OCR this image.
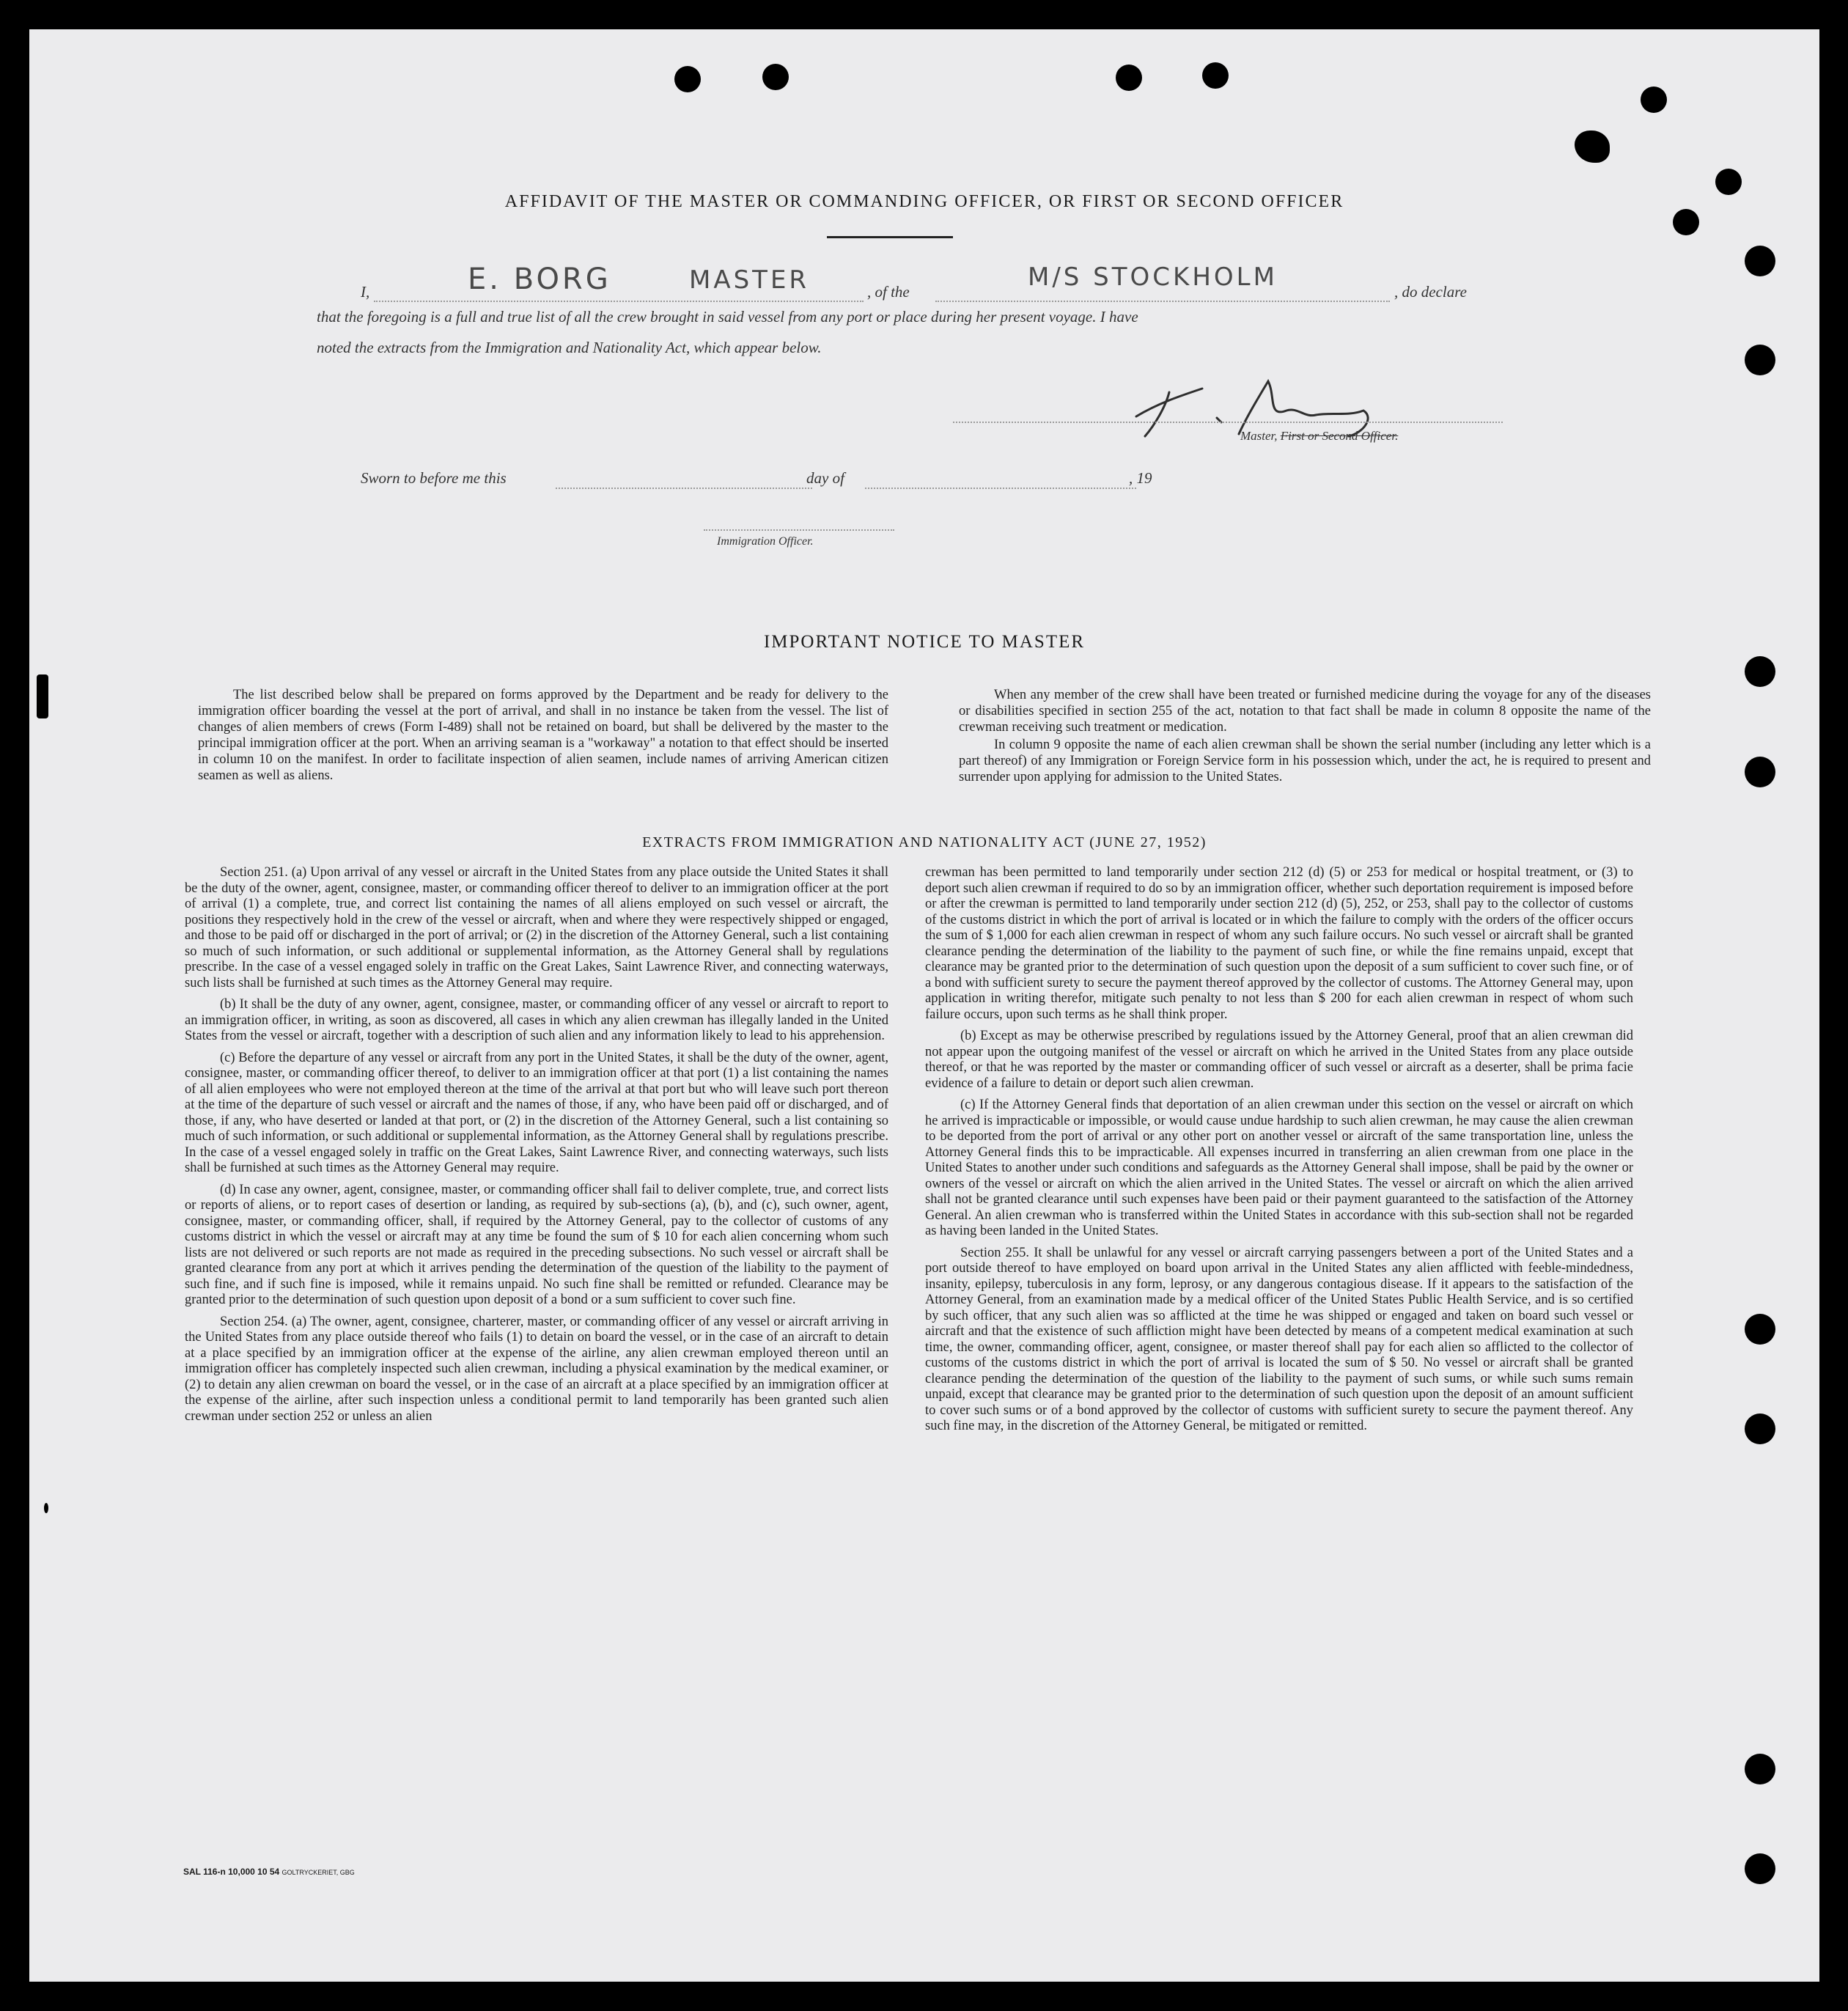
AFFIDAVIT OF THE MASTER OR COMMANDING OFFICER, OR FIRST OR SECOND OFFICER
I,	E. BORG	MASTER	, of the	M/S STOCKHOLM	, do declare
that the foregoing is a full and true list of all the crew brought in said vessel from any port or place during her present voyage. I have
noted the extracts from the Immigration and Nationality Act, which appear below.
Master, First or Second Officer.
Sworn to before me this	day of	, 19
Immigration Officer.
IMPORTANT NOTICE TO MASTER

The list described below shall be prepared on forms approved by the Department and be ready for delivery to the immigration officer boarding the vessel at the port of arrival, and shall in no instance be taken from the vessel. The list of changes of alien members of crews (Form I-489) shall not be retained on board, but shall be delivered by the master to the principal immigration officer at the port. When an arriving seaman is a "workaway" a notation to that effect should be inserted in column 10 on the manifest. In order to facilitate inspection of alien seamen, include names of arriving American citizen seamen as well as aliens.

When any member of the crew shall have been treated or furnished medicine during the voyage for any of the diseases or disabilities specified in section 255 of the act, notation to that fact shall be made in column 8 opposite the name of the crewman receiving such treatment or medication.

In column 9 opposite the name of each alien crewman shall be shown the serial number (including any letter which is a part thereof) of any Immigration or Foreign Service form in his possession which, under the act, he is required to present and surrender upon applying for admission to the United States.

EXTRACTS FROM IMMIGRATION AND NATIONALITY ACT (JUNE 27, 1952)

Section 251. (a) Upon arrival of any vessel or aircraft in the United States from any place outside the United States it shall be the duty of the owner, agent, consignee, master, or commanding officer thereof to deliver to an immigration officer at the port of arrival (1) a complete, true, and correct list containing the names of all aliens employed on such vessel or aircraft, the positions they respectively hold in the crew of the vessel or aircraft, when and where they were respectively shipped or engaged, and those to be paid off or discharged in the port of arrival; or (2) in the discretion of the Attorney General, such a list containing so much of such information, or such additional or supplemental information, as the Attorney General shall by regulations prescribe. In the case of a vessel engaged solely in traffic on the Great Lakes, Saint Lawrence River, and connecting waterways, such lists shall be furnished at such times as the Attorney General may require.

(b) It shall be the duty of any owner, agent, consignee, master, or commanding officer of any vessel or aircraft to report to an immigration officer, in writing, as soon as discovered, all cases in which any alien crewman has illegally landed in the United States from the vessel or aircraft, together with a description of such alien and any information likely to lead to his apprehension.

(c) Before the departure of any vessel or aircraft from any port in the United States, it shall be the duty of the owner, agent, consignee, master, or commanding officer thereof, to deliver to an immigration officer at that port (1) a list containing the names of all alien employees who were not employed thereon at the time of the arrival at that port but who will leave such port thereon at the time of the departure of such vessel or aircraft and the names of those, if any, who have been paid off or discharged, and of those, if any, who have deserted or landed at that port, or (2) in the discretion of the Attorney General, such a list containing so much of such information, or such additional or supplemental information, as the Attorney General shall by regulations prescribe. In the case of a vessel engaged solely in traffic on the Great Lakes, Saint Lawrence River, and connecting waterways, such lists shall be furnished at such times as the Attorney General may require.

(d) In case any owner, agent, consignee, master, or commanding officer shall fail to deliver complete, true, and correct lists or reports of aliens, or to report cases of desertion or landing, as required by sub-sections (a), (b), and (c), such owner, agent, consignee, master, or commanding officer, shall, if required by the Attorney General, pay to the collector of customs of any customs district in which the vessel or aircraft may at any time be found the sum of $ 10 for each alien concerning whom such lists are not delivered or such reports are not made as required in the preceding subsections. No such vessel or aircraft shall be granted clearance from any port at which it arrives pending the determination of the question of the liability to the payment of such fine, and if such fine is imposed, while it remains unpaid. No such fine shall be remitted or refunded. Clearance may be granted prior to the determination of such question upon deposit of a bond or a sum sufficient to cover such fine.

Section 254. (a) The owner, agent, consignee, charterer, master, or commanding officer of any vessel or aircraft arriving in the United States from any place outside thereof who fails (1) to detain on board the vessel, or in the case of an aircraft to detain at a place specified by an immigration officer at the expense of the airline, any alien crewman employed thereon until an immigration officer has completely inspected such alien crewman, including a physical examination by the medical examiner, or (2) to detain any alien crewman on board the vessel, or in the case of an aircraft at a place specified by an immigration officer at the expense of the airline, after such inspection unless a conditional permit to land temporarily has been granted such alien crewman under section 252 or unless an alien

crewman has been permitted to land temporarily under section 212 (d) (5) or 253 for medical or hospital treatment, or (3) to deport such alien crewman if required to do so by an immigration officer, whether such deportation requirement is imposed before or after the crewman is permitted to land temporarily under section 212 (d) (5), 252, or 253, shall pay to the collector of customs of the customs district in which the port of arrival is located or in which the failure to comply with the orders of the officer occurs the sum of $ 1,000 for each alien crewman in respect of whom any such failure occurs. No such vessel or aircraft shall be granted clearance pending the determination of the liability to the payment of such fine, or while the fine remains unpaid, except that clearance may be granted prior to the determination of such question upon the deposit of a sum sufficient to cover such fine, or of a bond with sufficient surety to secure the payment thereof approved by the collector of customs. The Attorney General may, upon application in writing therefor, mitigate such penalty to not less than $ 200 for each alien crewman in respect of whom such failure occurs, upon such terms as he shall think proper.

(b) Except as may be otherwise prescribed by regulations issued by the Attorney General, proof that an alien crewman did not appear upon the outgoing manifest of the vessel or aircraft on which he arrived in the United States from any place outside thereof, or that he was reported by the master or commanding officer of such vessel or aircraft as a deserter, shall be prima facie evidence of a failure to detain or deport such alien crewman.

(c) If the Attorney General finds that deportation of an alien crewman under this section on the vessel or aircraft on which he arrived is impracticable or impossible, or would cause undue hardship to such alien crewman, he may cause the alien crewman to be deported from the port of arrival or any other port on another vessel or aircraft of the same transportation line, unless the Attorney General finds this to be impracticable. All expenses incurred in transferring an alien crewman from one place in the United States to another under such conditions and safeguards as the Attorney General shall impose, shall be paid by the owner or owners of the vessel or aircraft on which the alien arrived in the United States. The vessel or aircraft on which the alien arrived shall not be granted clearance until such expenses have been paid or their payment guaranteed to the satisfaction of the Attorney General. An alien crewman who is transferred within the United States in accordance with this sub-section shall not be regarded as having been landed in the United States.

Section 255. It shall be unlawful for any vessel or aircraft carrying passengers between a port of the United States and a port outside thereof to have employed on board upon arrival in the United States any alien afflicted with feeble-mindedness, insanity, epilepsy, tuberculosis in any form, leprosy, or any dangerous contagious disease. If it appears to the satisfaction of the Attorney General, from an examination made by a medical officer of the United States Public Health Service, and is so certified by such officer, that any such alien was so afflicted at the time he was shipped or engaged and taken on board such vessel or aircraft and that the existence of such affliction might have been detected by means of a competent medical examination at such time, the owner, commanding officer, agent, consignee, or master thereof shall pay for each alien so afflicted to the collector of customs of the customs district in which the port of arrival is located the sum of $ 50. No vessel or aircraft shall be granted clearance pending the determination of the question of the liability to the payment of such sums, or while such sums remain unpaid, except that clearance may be granted prior to the determination of such question upon the deposit of an amount sufficient to cover such sums or of a bond approved by the collector of customs with sufficient surety to secure the payment thereof. Any such fine may, in the discretion of the Attorney General, be mitigated or remitted.

SAL 116-n 10,000 10 54 GOLTRYCKERIET, GBG
